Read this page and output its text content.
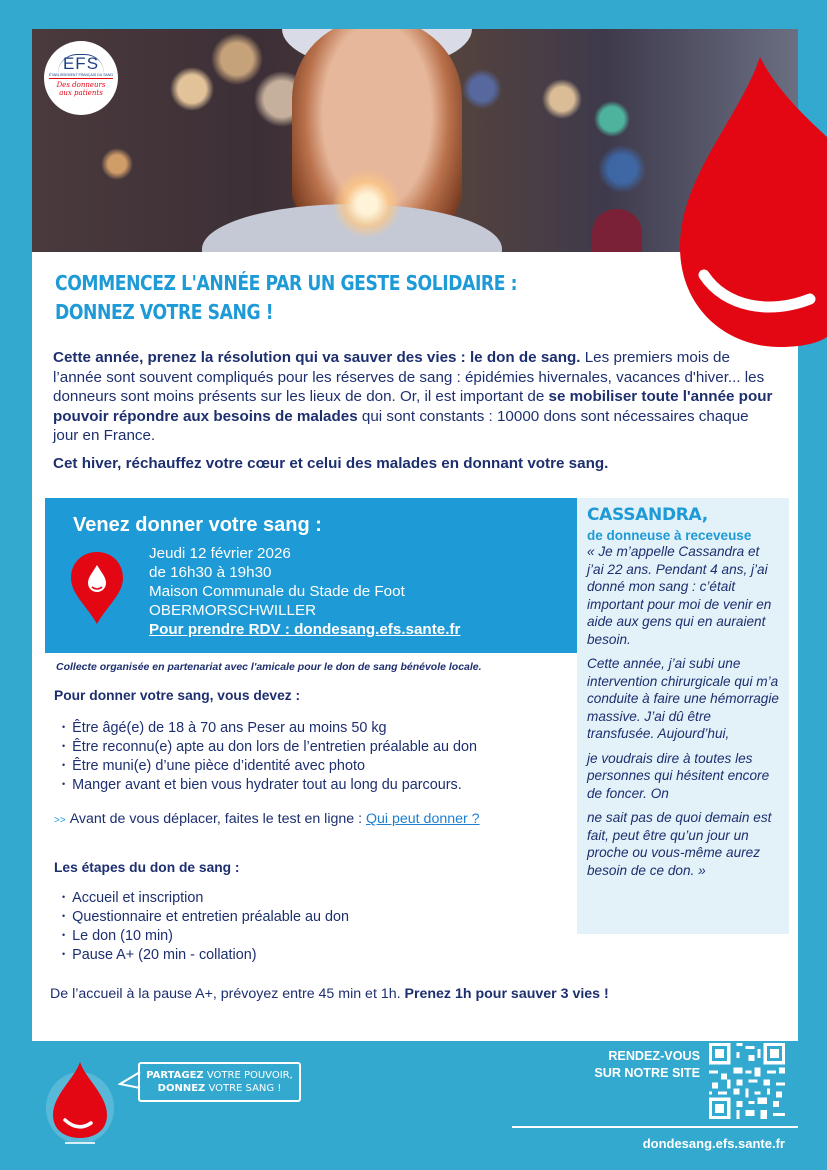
EFS
ÉTABLISSEMENT FRANÇAIS DU SANG
Des donneurs
aux patients
COMMENCEZ L'ANNÉE PAR UN GESTE SOLIDAIRE :
DONNEZ VOTRE SANG !

Cette année, prenez la résolution qui va sauver des vies : le don de sang. Les premiers mois de l’année sont souvent compliqués pour les réserves de sang : épidémies hivernales, vacances d'hiver... les donneurs sont moins présents sur les lieux de don. Or, il est important de se mobiliser toute l'année pour pouvoir répondre aux besoins de malades qui sont constants : 10000 dons sont nécessaires chaque jour en France.

Cet hiver, réchauffez votre cœur et celui des malades en donnant votre sang.

Venez donner votre sang :
Jeudi 12 février 2026
de 16h30 à 19h30
Maison Communale du Stade de Foot
OBERMORSCHWILLER
Pour prendre RDV : dondesang.efs.sante.fr
Collecte organisée en partenariat avec l'amicale pour le don de sang bénévole locale.
Pour donner votre sang, vous devez :
• Être âgé(e) de 18 à 70 ans Peser au moins 50 kg
• Être reconnu(e) apte au don lors de l’entretien préalable au don
• Être muni(e) d’une pièce d’identité avec photo
• Manger avant et bien vous hydrater tout au long du parcours.
>> Avant de vous déplacer, faites le test en ligne : Qui peut donner ?
Les étapes du don de sang :
• Accueil et inscription
• Questionnaire et entretien préalable au don
• Le don (10 min)
• Pause A+ (20 min - collation)
De l’accueil à la pause A+, prévoyez entre 45 min et 1h. Prenez 1h pour sauver 3 vies !
CASSANDRA,
de donneuse à receveuse

« Je m’appelle Cassandra et j’ai 22 ans. Pendant 4 ans, j’ai donné mon sang : c’était important pour moi de venir en aide aux gens qui en auraient besoin.

Cette année, j’ai subi une intervention chirurgicale qui m’a conduite à faire une hémorragie massive. J’ai dû être transfusée. Aujourd’hui,

je voudrais dire à toutes les personnes qui hésitent encore de foncer. On

ne sait pas de quoi demain est fait, peut être qu’un jour un proche ou vous-même aurez besoin de ce don. »

PARTAGEZ VOTRE POUVOIR,
DONNEZ VOTRE SANG !
RENDEZ-VOUS
SUR NOTRE SITE
dondesang.efs.sante.fr
